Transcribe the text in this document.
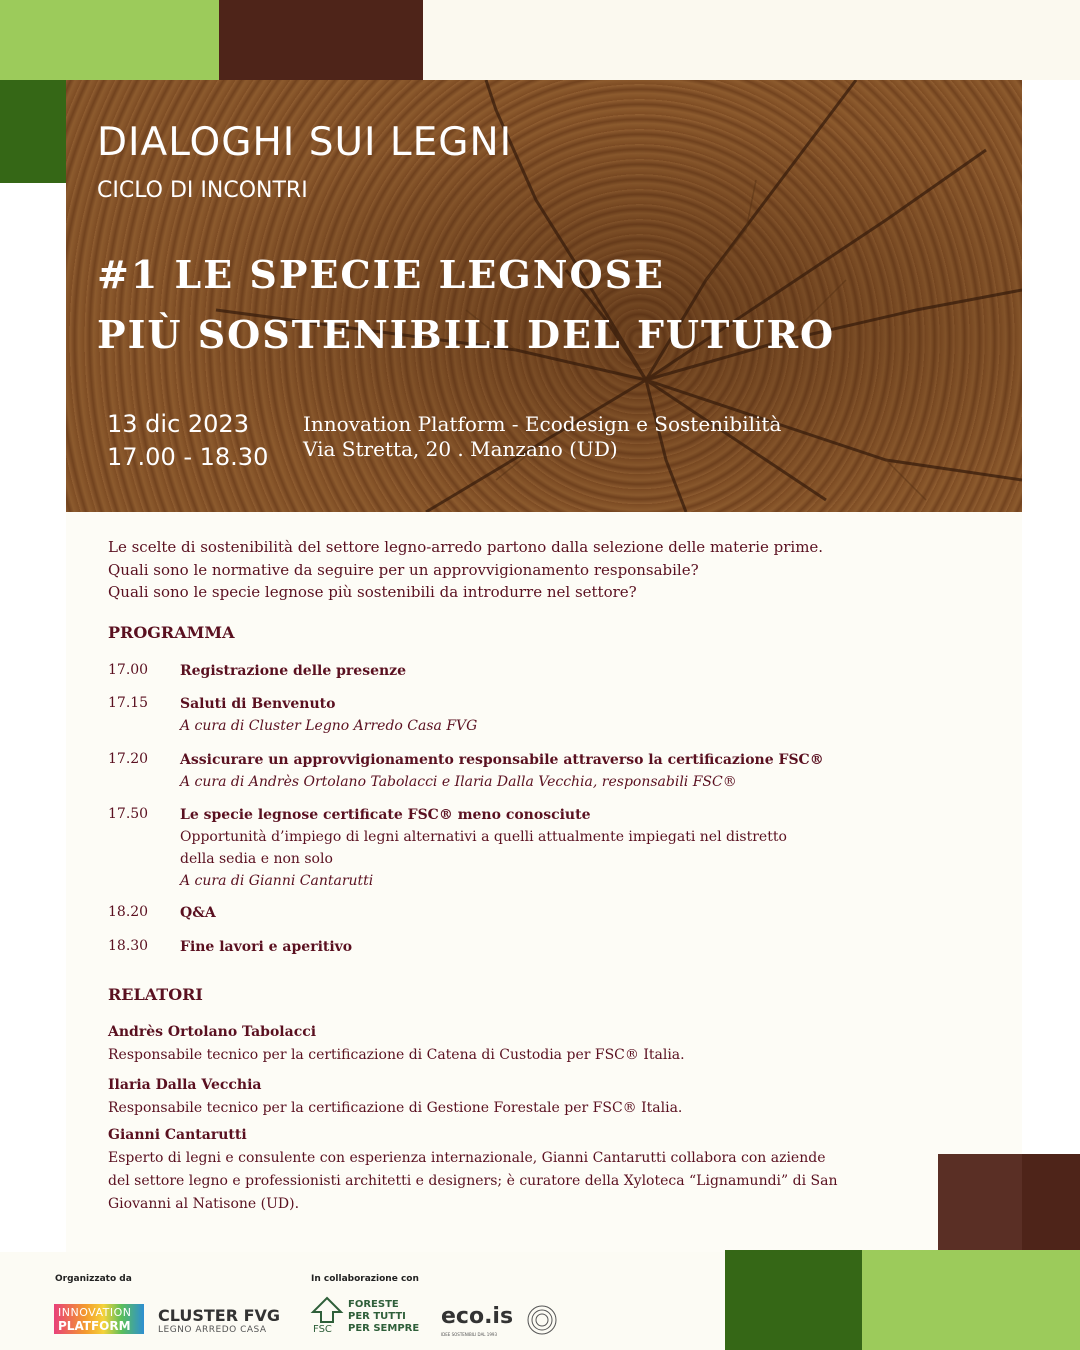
DIALOGHI SUI LEGNI
CICLO DI INCONTRI
#1 LE SPECIE LEGNOSE
PIÙ SOSTENIBILI DEL FUTURO
13 dic 2023
17.00 - 18.30
Innovation Platform - Ecodesign e Sostenibilità
Via Stretta, 20 . Manzano (UD)
Le scelte di sostenibilità del settore legno-arredo partono dalla selezione delle materie prime.
Quali sono le normative da seguire per un approvvigionamento responsabile?
Quali sono le specie legnose più sostenibili da introdurre nel settore?
PROGRAMMA
17.00 Registrazione delle presenze
17.15 Saluti di Benvenuto
A cura di Cluster Legno Arredo Casa FVG
17.20 Assicurare un approvvigionamento responsabile attraverso la certificazione FSC®
A cura di Andrès Ortolano Tabolacci e Ilaria Dalla Vecchia, responsabili FSC®
17.50 Le specie legnose certificate FSC® meno conosciute
Opportunità d’impiego di legni alternativi a quelli attualmente impiegati nel distretto
della sedia e non solo
A cura di Gianni Cantarutti
18.20 Q&A
18.30 Fine lavori e aperitivo
RELATORI
Andrès Ortolano Tabolacci
Responsabile tecnico per la certificazione di Catena di Custodia per FSC® Italia.
Ilaria Dalla Vecchia
Responsabile tecnico per la certificazione di Gestione Forestale per FSC® Italia.
Gianni Cantarutti
Esperto di legni e consulente con esperienza internazionale, Gianni Cantarutti collabora con aziende
del settore legno e professionisti architetti e designers; è curatore della Xyloteca “Lignamundi” di San
Giovanni al Natisone (UD).
Organizzato da	In collaborazione con
INNOVATION
PLATFORM
CLUSTER FVG
LEGNO ARREDO CASA	FSC
FORESTE
PER TUTTI
PER SEMPRE eco.is
IDEE SOSTENIBILI DAL 1993
